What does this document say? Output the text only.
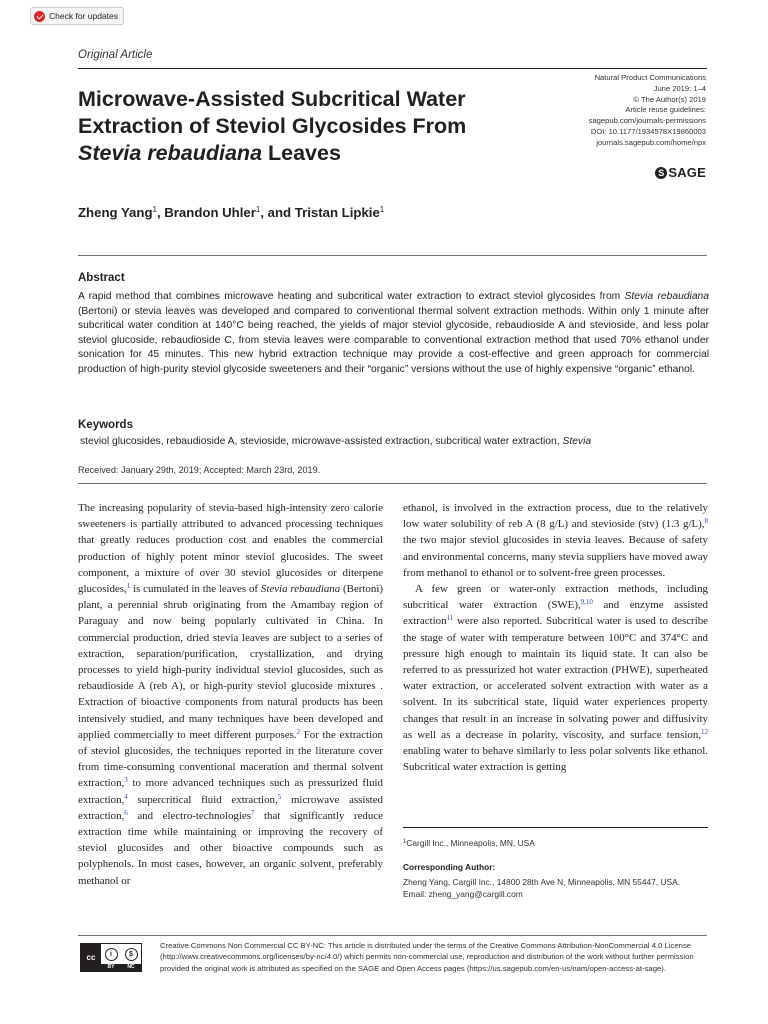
Check for updates
Original Article
Microwave-Assisted Subcritical Water
Extraction of Steviol Glycosides From
Stevia rebaudiana Leaves
Natural Product Communications
June 2019: 1–4
© The Author(s) 2019
Article reuse guidelines:
sagepub.com/journals-permissions
DOI: 10.1177/1934578X19860003
journals.sagepub.com/home/npx
S SAGE
Zheng Yang$^1$, Brandon Uhler$^1$, and Tristan Lipkie$^1$
Abstract
A rapid method that combines microwave heating and subcritical water extraction to extract steviol glycosides from Stevia rebaudiana (Bertoni) or stevia leaves was developed and compared to conventional thermal solvent extraction methods. Within only 1 minute after subcritical water condition at 140°C being reached, the yields of major steviol glycoside, rebaudioside A and stevioside, and less polar steviol glucoside, rebaudioside C, from stevia leaves were comparable to conventional extraction method that used 70% ethanol under sonication for 45 minutes. This new hybrid extraction technique may provide a cost-effective and green approach for commercial production of high-purity steviol glycoside sweeteners and their “organic” versions without the use of highly expensive “organic” ethanol.
Keywords
steviol glucosides, rebaudioside A, stevioside, microwave-assisted extraction, subcritical water extraction, Stevia
Received: January 29th, 2019; Accepted: March 23rd, 2019.
The increasing popularity of stevia-based high-intensity zero calorie sweeteners is partially attributed to advanced processing techniques that greatly reduces production cost and enables the commercial production of highly potent minor steviol glucosides. The sweet component, a mixture of over 30 steviol glucosides or diterpene glucosides,$^1$ is cumulated in the leaves of Stevia rebaudiana (Bertoni) plant, a perennial shrub originating from the Amambay region of Paraguay and now being popularly cultivated in China. In commercial production, dried stevia leaves are subject to a series of extraction, separation/purification, crystallization, and drying processes to yield high-purity individual steviol glucosides, such as rebaudioside A (reb A), or high-purity steviol glucoside mixtures . Extraction of bioactive components from natural products has been intensively studied, and many techniques have been developed and applied commercially to meet different purposes.$^2$ For the extraction of steviol glucosides, the techniques reported in the literature cover from time-consuming conventional maceration and thermal solvent extraction,$^3$ to more advanced techniques such as pressurized fluid extraction,$^4$ supercritical fluid extraction,$^5$ microwave assisted extraction,$^6$ and electro-technologies$^7$ that significantly reduce extraction time while maintaining or improving the recovery of steviol glucosides and other bioactive compounds such as polyphenols. In most cases, however, an organic solvent, preferably methanol or
ethanol, is involved in the extraction process, due to the relatively low water solubility of reb A (8 g/L) and stevioside (stv) (1.3 g/L),$^8$ the two major steviol glucosides in stevia leaves. Because of safety and environmental concerns, many stevia suppliers have moved away from methanol to ethanol or to solvent-free green processes.
A few green or water-only extraction methods, including subcritical water extraction (SWE),$^{9,10}$ and enzyme assisted extraction$^{11}$ were also reported. Subcritical water is used to describe the stage of water with temperature between 100°C and 374°C and pressure high enough to maintain its liquid state. It can also be referred to as pressurized hot water extraction (PHWE), superheated water extraction, or accelerated solvent extraction with water as a solvent. In its subcritical state, liquid water experiences property changes that result in an increase in solvating power and diffusivity as well as a decrease in polarity, viscosity, and surface tension,$^{12}$ enabling water to behave similarly to less polar solvents like ethanol. Subcritical water extraction is getting
$^1$Cargill Inc., Minneapolis, MN, USA
Corresponding Author:
Zheng Yang, Cargill Inc., 14800 28th Ave N, Minneapolis, MN 55447, USA.
Email: zheng_yang@cargill.com
cc	i	$
BY	NC
Creative Commons Non Commercial CC BY-NC: This article is distributed under the terms of the Creative Commons Attribution-NonCommercial 4.0 License (http://www.creativecommons.org/licenses/by-nc/4.0/) which permits non-commercial use, reproduction and distribution of the work without further permission provided the original work is attributed as specified on the SAGE and Open Access pages (https://us.sagepub.com/en-us/nam/open-access-at-sage).
